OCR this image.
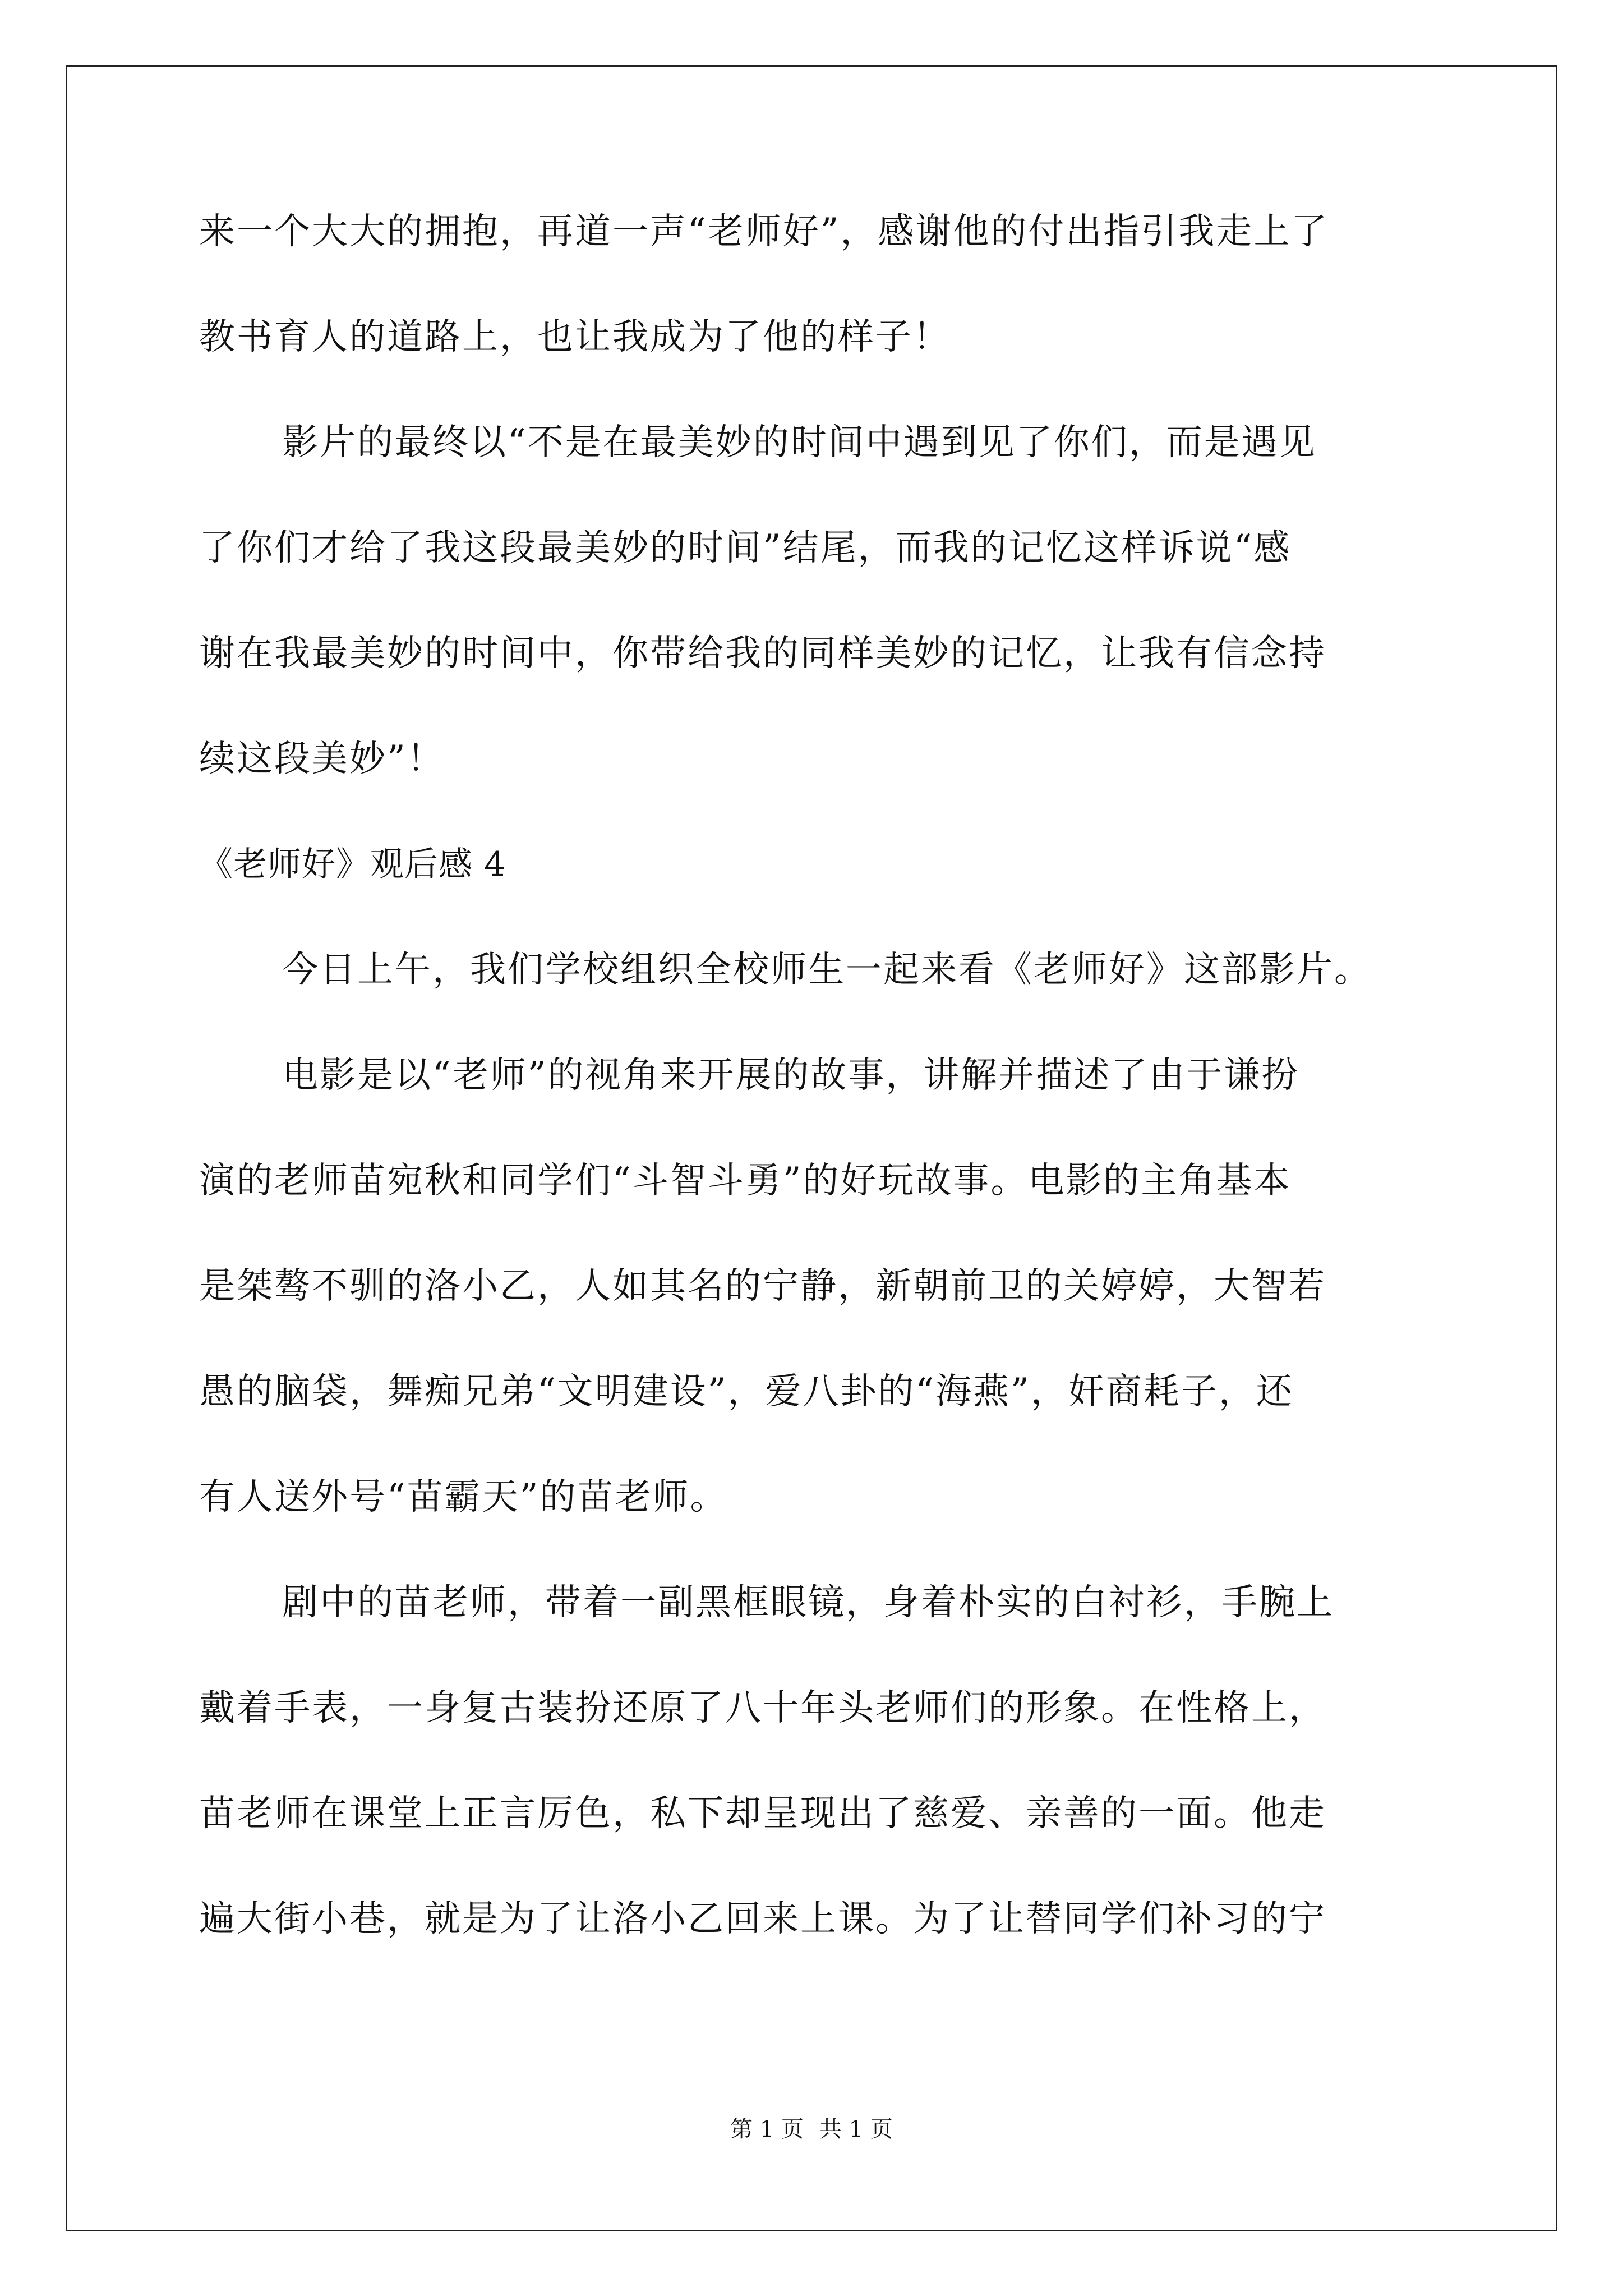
来一个大大的拥抱，再道一声“老师好”，感谢他的付出指引我走上了
教书育人的道路上，也让我成为了他的样子！
影片的最终以“不是在最美妙的时间中遇到见了你们，而是遇见
了你们才给了我这段最美妙的时间”结尾，而我的记忆这样诉说“感
谢在我最美妙的时间中，你带给我的同样美妙的记忆，让我有信念持
续这段美妙”！
《老师好》观后感 4
今日上午，我们学校组织全校师生一起来看《老师好》这部影片。
电影是以“老师”的视角来开展的故事，讲解并描述了由于谦扮
演的老师苗宛秋和同学们“斗智斗勇”的好玩故事。电影的主角基本
是桀骜不驯的洛小乙，人如其名的宁静，新朝前卫的关婷婷，大智若
愚的脑袋，舞痴兄弟“文明建设”，爱八卦的“海燕”，奸商耗子，还
有人送外号“苗霸天”的苗老师。
剧中的苗老师，带着一副黑框眼镜，身着朴实的白衬衫，手腕上
戴着手表，一身复古装扮还原了八十年头老师们的形象。在性格上，
苗老师在课堂上正言厉色，私下却呈现出了慈爱、亲善的一面。他走
遍大街小巷，就是为了让洛小乙回来上课。为了让替同学们补习的宁
第 1 页 共 1 页
